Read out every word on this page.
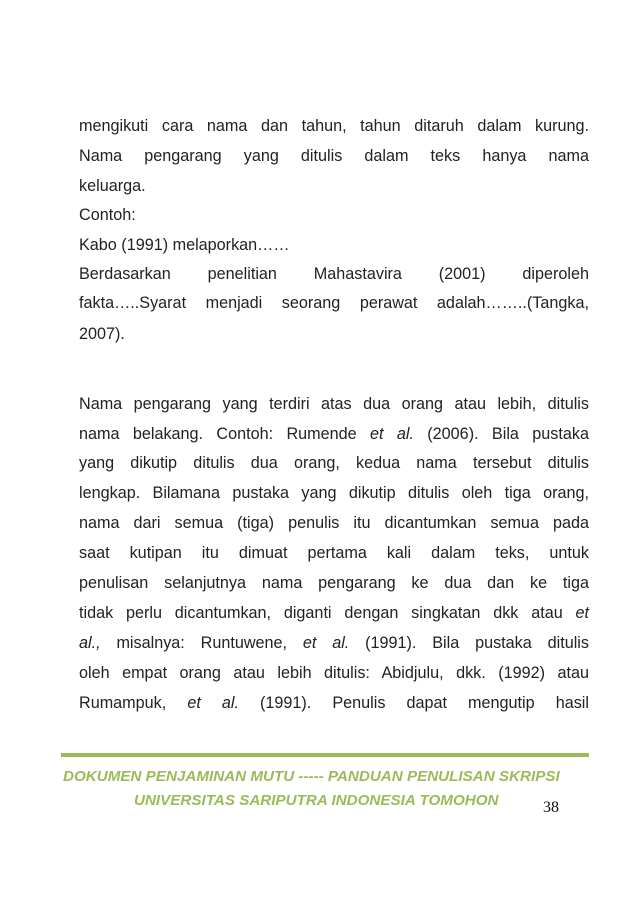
mengikuti cara nama dan tahun, tahun ditaruh dalam kurung.
Nama pengarang yang ditulis dalam teks hanya nama
keluarga.
Contoh:
Kabo (1991) melaporkan……
Berdasarkan penelitian Mahastavira (2001) diperoleh
fakta…..Syarat menjadi seorang perawat adalah……..(Tangka,
2007).
Nama pengarang yang terdiri atas dua orang atau lebih, ditulis
nama belakang. Contoh: Rumende et al. (2006). Bila pustaka
yang dikutip ditulis dua orang, kedua nama tersebut ditulis
lengkap. Bilamana pustaka yang dikutip ditulis oleh tiga orang,
nama dari semua (tiga) penulis itu dicantumkan semua pada
saat kutipan itu dimuat pertama kali dalam teks, untuk
penulisan selanjutnya nama pengarang ke dua dan ke tiga
tidak perlu dicantumkan, diganti dengan singkatan dkk atau et
al., misalnya: Runtuwene, et al. (1991). Bila pustaka ditulis
oleh empat orang atau lebih ditulis: Abidjulu, dkk. (1992) atau
Rumampuk, et al. (1991). Penulis dapat mengutip hasil
DOKUMEN PENJAMINAN MUTU ----- PANDUAN PENULISAN SKRIPSI
UNIVERSITAS SARIPUTRA INDONESIA TOMOHON	38
